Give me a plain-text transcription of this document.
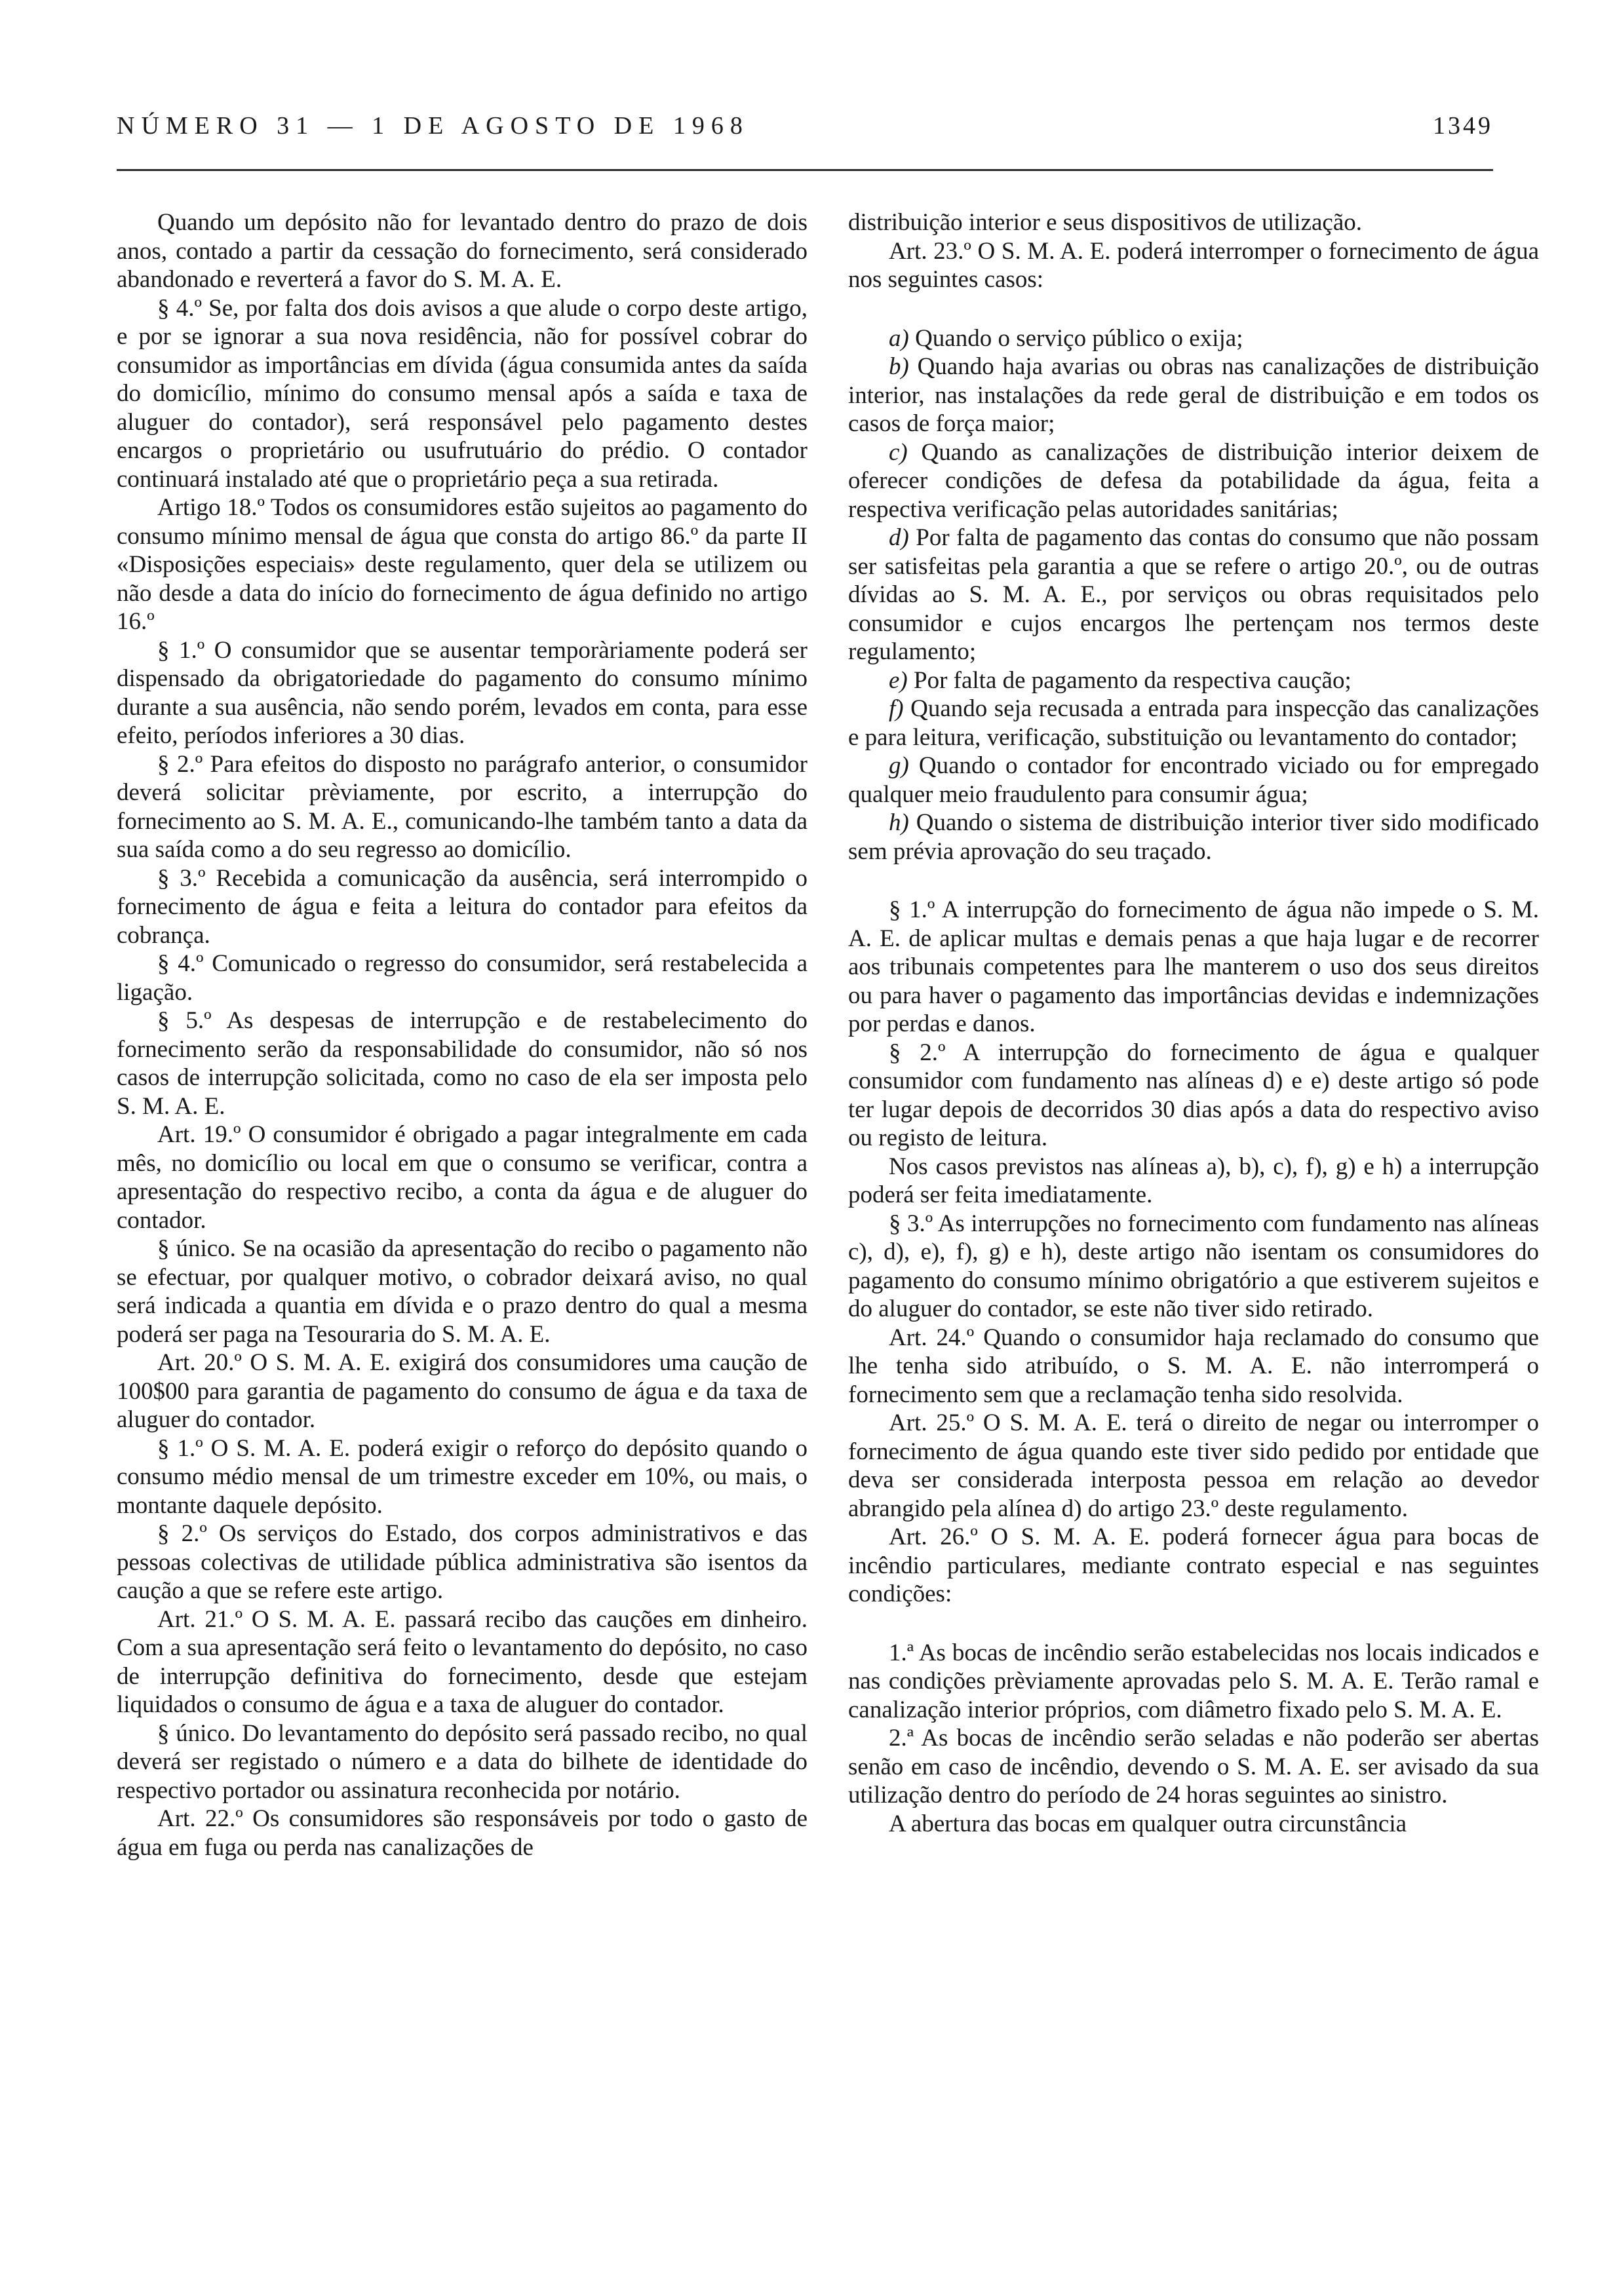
NÚMERO 31 — 1 DE AGOSTO DE 1968	1349

Quando um depósito não for levantado dentro do prazo de dois anos, contado a partir da cessação do fornecimento, será considerado abandonado e reverterá a favor do S. M. A. E.

§ 4.º Se, por falta dos dois avisos a que alude o corpo deste artigo, e por se ignorar a sua nova residência, não for possível cobrar do consumidor as importâncias em dívida (água consumida antes da saída do domicílio, mínimo do consumo mensal após a saída e taxa de aluguer do contador), será responsável pelo pagamento destes encargos o proprietário ou usufrutuário do prédio. O contador continuará instalado até que o proprietário peça a sua retirada.

Artigo 18.º Todos os consumidores estão sujeitos ao pagamento do consumo mínimo mensal de água que consta do artigo 86.º da parte II «Disposições especiais» deste regulamento, quer dela se utilizem ou não desde a data do início do fornecimento de água definido no artigo 16.º

§ 1.º O consumidor que se ausentar temporàriamente poderá ser dispensado da obrigatoriedade do pagamento do consumo mínimo durante a sua ausência, não sendo porém, levados em conta, para esse efeito, períodos inferiores a 30 dias.

§ 2.º Para efeitos do disposto no parágrafo anterior, o consumidor deverá solicitar prèviamente, por escrito, a interrupção do fornecimento ao S. M. A. E., comunicando-lhe também tanto a data da sua saída como a do seu regresso ao domicílio.

§ 3.º Recebida a comunicação da ausência, será interrompido o fornecimento de água e feita a leitura do contador para efeitos da cobrança.

§ 4.º Comunicado o regresso do consumidor, será restabelecida a ligação.

§ 5.º As despesas de interrupção e de restabelecimento do fornecimento serão da responsabilidade do consumidor, não só nos casos de interrupção solicitada, como no caso de ela ser imposta pelo S. M. A. E.

Art. 19.º O consumidor é obrigado a pagar integralmente em cada mês, no domicílio ou local em que o consumo se verificar, contra a apresentação do respectivo recibo, a conta da água e de aluguer do contador.

§ único. Se na ocasião da apresentação do recibo o pagamento não se efectuar, por qualquer motivo, o cobrador deixará aviso, no qual será indicada a quantia em dívida e o prazo dentro do qual a mesma poderá ser paga na Tesouraria do S. M. A. E.

Art. 20.º O S. M. A. E. exigirá dos consumidores uma caução de 100$00 para garantia de pagamento do consumo de água e da taxa de aluguer do contador.

§ 1.º O S. M. A. E. poderá exigir o reforço do depósito quando o consumo médio mensal de um trimestre exceder em 10%, ou mais, o montante daquele depósito.

§ 2.º Os serviços do Estado, dos corpos administrativos e das pessoas colectivas de utilidade pública administrativa são isentos da caução a que se refere este artigo.

Art. 21.º O S. M. A. E. passará recibo das cauções em dinheiro. Com a sua apresentação será feito o levantamento do depósito, no caso de interrupção definitiva do fornecimento, desde que estejam liquidados o consumo de água e a taxa de aluguer do contador.

§ único. Do levantamento do depósito será passado recibo, no qual deverá ser registado o número e a data do bilhete de identidade do respectivo portador ou assinatura reconhecida por notário.

Art. 22.º Os consumidores são responsáveis por todo o gasto de água em fuga ou perda nas canalizações de

distribuição interior e seus dispositivos de utilização.

Art. 23.º O S. M. A. E. poderá interromper o fornecimento de água nos seguintes casos:

a) Quando o serviço público o exija;

b) Quando haja avarias ou obras nas canalizações de distribuição interior, nas instalações da rede geral de distribuição e em todos os casos de força maior;

c) Quando as canalizações de distribuição interior deixem de oferecer condições de defesa da potabilidade da água, feita a respectiva verificação pelas autoridades sanitárias;

d) Por falta de pagamento das contas do consumo que não possam ser satisfeitas pela garantia a que se refere o artigo 20.º, ou de outras dívidas ao S. M. A. E., por serviços ou obras requisitados pelo consumidor e cujos encargos lhe pertençam nos termos deste regulamento;

e) Por falta de pagamento da respectiva caução;

f) Quando seja recusada a entrada para inspecção das canalizações e para leitura, verificação, substituição ou levantamento do contador;

g) Quando o contador for encontrado viciado ou for empregado qualquer meio fraudulento para consumir água;

h) Quando o sistema de distribuição interior tiver sido modificado sem prévia aprovação do seu traçado.

§ 1.º A interrupção do fornecimento de água não impede o S. M. A. E. de aplicar multas e demais penas a que haja lugar e de recorrer aos tribunais competentes para lhe manterem o uso dos seus direitos ou para haver o pagamento das importâncias devidas e indemnizações por perdas e danos.

§ 2.º A interrupção do fornecimento de água e qualquer consumidor com fundamento nas alíneas d) e e) deste artigo só pode ter lugar depois de decorridos 30 dias após a data do respectivo aviso ou registo de leitura.

Nos casos previstos nas alíneas a), b), c), f), g) e h) a interrupção poderá ser feita imediatamente.

§ 3.º As interrupções no fornecimento com fundamento nas alíneas c), d), e), f), g) e h), deste artigo não isentam os consumidores do pagamento do consumo mínimo obrigatório a que estiverem sujeitos e do aluguer do contador, se este não tiver sido retirado.

Art. 24.º Quando o consumidor haja reclamado do consumo que lhe tenha sido atribuído, o S. M. A. E. não interromperá o fornecimento sem que a reclamação tenha sido resolvida.

Art. 25.º O S. M. A. E. terá o direito de negar ou interromper o fornecimento de água quando este tiver sido pedido por entidade que deva ser considerada interposta pessoa em relação ao devedor abrangido pela alínea d) do artigo 23.º deste regulamento.

Art. 26.º O S. M. A. E. poderá fornecer água para bocas de incêndio particulares, mediante contrato especial e nas seguintes condições:

1.ª As bocas de incêndio serão estabelecidas nos locais indicados e nas condições prèviamente aprovadas pelo S. M. A. E. Terão ramal e canalização interior próprios, com diâmetro fixado pelo S. M. A. E.

2.ª As bocas de incêndio serão seladas e não poderão ser abertas senão em caso de incêndio, devendo o S. M. A. E. ser avisado da sua utilização dentro do período de 24 horas seguintes ao sinistro.

A abertura das bocas em qualquer outra circunstância
